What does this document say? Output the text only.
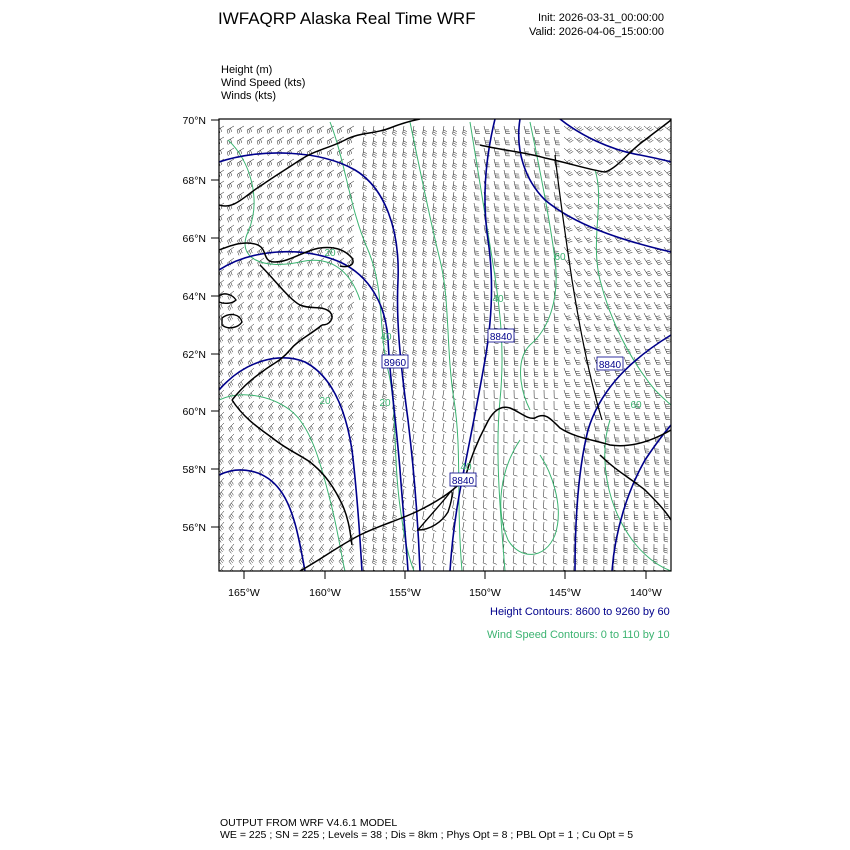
IWFAQRP Alaska Real Time WRF	Init: 2026-03-31_00:00:00
Valid: 2026-04-06_15:00:00
Height (m)
Wind Speed (kts)
Winds (kts)
8960
8840
8840
8840
20
40
40
60
60
40
20
20
70°N
68°N
66°N
64°N
62°N
60°N
58°N
56°N
165°W	160°W	155°W	150°W	145°W	140°W
Height Contours: 8600 to 9260 by 60
Wind Speed Contours: 0 to 110 by 10
OUTPUT FROM WRF V4.6.1 MODEL
WE = 225 ; SN = 225 ; Levels = 38 ; Dis = 8km ; Phys Opt = 8 ; PBL Opt = 1 ; Cu Opt = 5
